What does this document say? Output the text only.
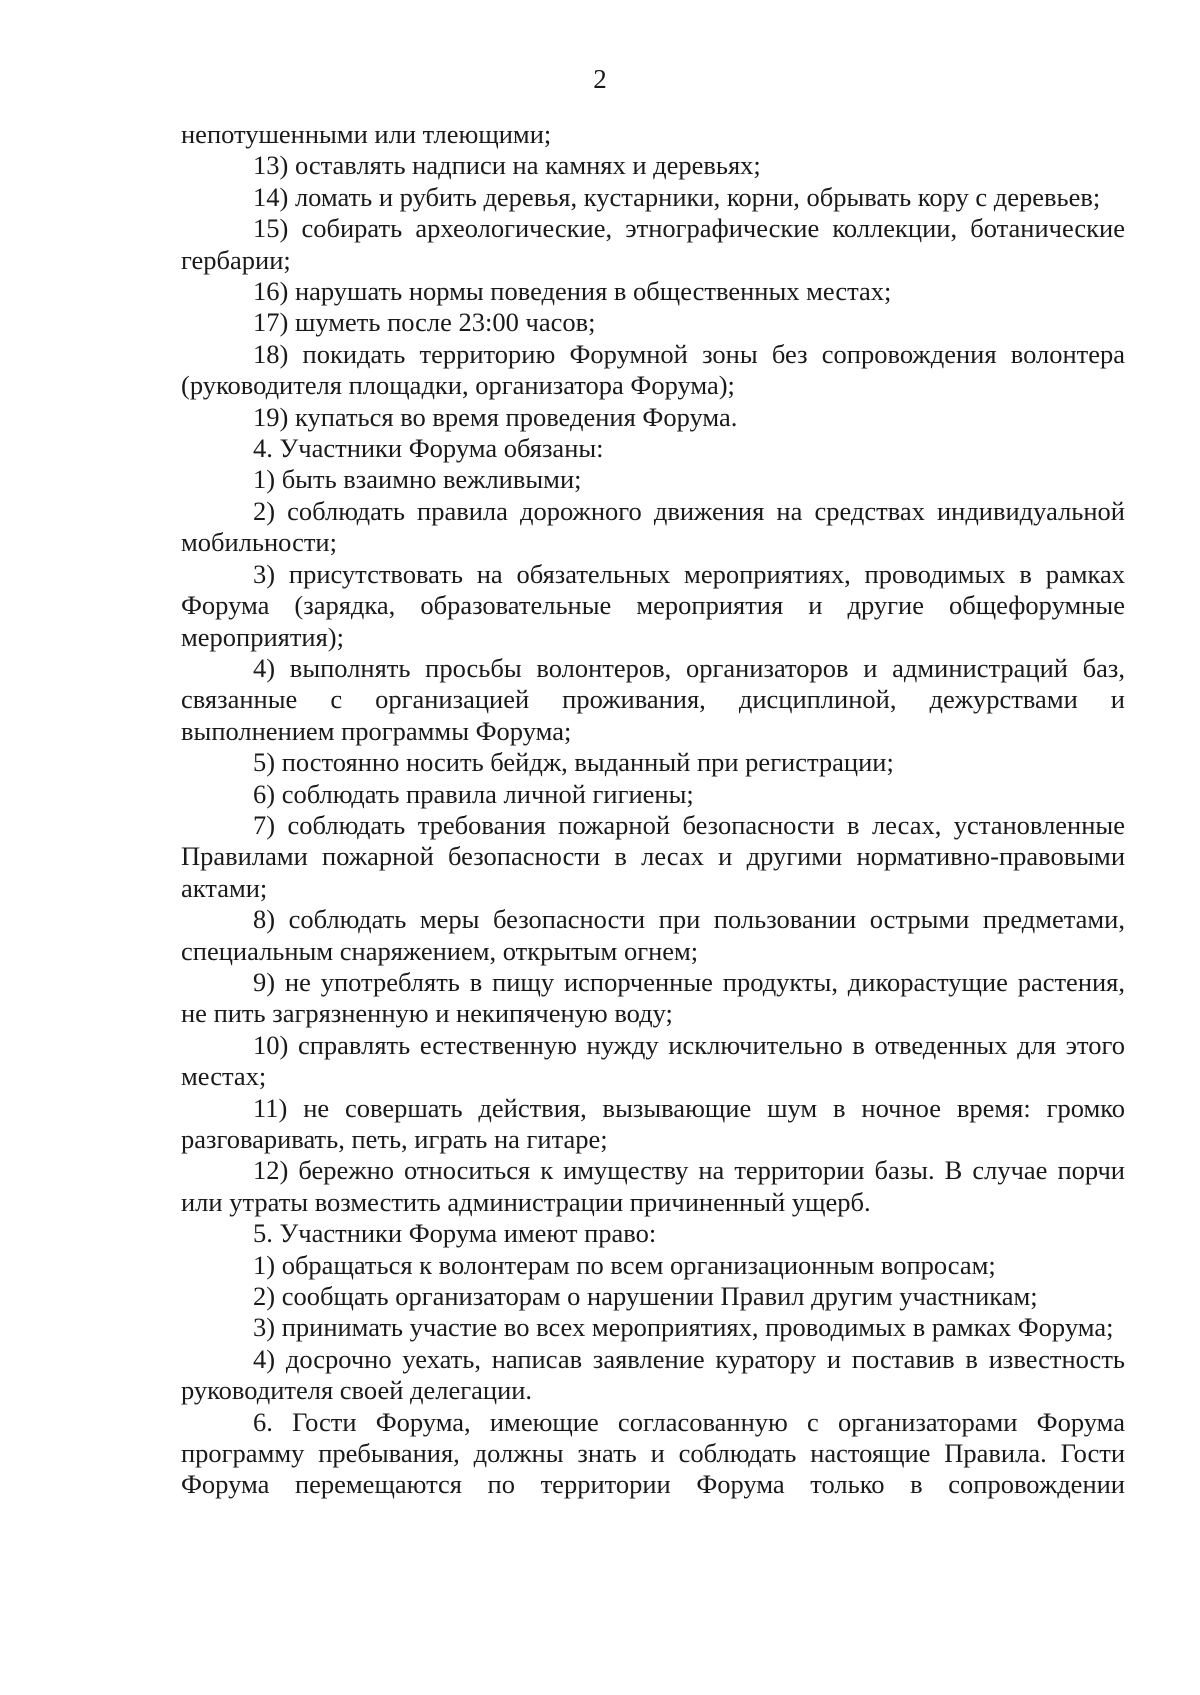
2

непотушенными или тлеющими;

13) оставлять надписи на камнях и деревьях;

14) ломать и рубить деревья, кустарники, корни, обрывать кору с деревьев;

15) собирать археологические, этнографические коллекции, ботанические гербарии;

16) нарушать нормы поведения в общественных местах;

17) шуметь после 23:00 часов;

18) покидать территорию Форумной зоны без сопровождения волонтера (руководителя площадки, организатора Форума);

19) купаться во время проведения Форума.

4. Участники Форума обязаны:

1) быть взаимно вежливыми;

2) соблюдать правила дорожного движения на средствах индивидуальной мобильности;

3) присутствовать на обязательных мероприятиях, проводимых в рамках Форума (зарядка, образовательные мероприятия и другие общефорумные мероприятия);

4) выполнять просьбы волонтеров, организаторов и администраций баз, связанные с организацией проживания, дисциплиной, дежурствами и выполнением программы Форума;

5) постоянно носить бейдж, выданный при регистрации;

6) соблюдать правила личной гигиены;

7) соблюдать требования пожарной безопасности в лесах, установленные Правилами пожарной безопасности в лесах и другими нормативно-правовыми актами;

8) соблюдать меры безопасности при пользовании острыми предметами, специальным снаряжением, открытым огнем;

9) не употреблять в пищу испорченные продукты, дикорастущие растения, не пить загрязненную и некипяченую воду;

10) справлять естественную нужду исключительно в отведенных для этого местах;

11) не совершать действия, вызывающие шум в ночное время: громко разговаривать, петь, играть на гитаре;

12) бережно относиться к имуществу на территории базы. В случае порчи или утраты возместить администрации причиненный ущерб.

5. Участники Форума имеют право:

1) обращаться к волонтерам по всем организационным вопросам;

2) сообщать организаторам о нарушении Правил другим участникам;

3) принимать участие во всех мероприятиях, проводимых в рамках Форума;

4) досрочно уехать, написав заявление куратору и поставив в известность руководителя своей делегации.

6. Гости Форума, имеющие согласованную с организаторами Форума программу пребывания, должны знать и соблюдать настоящие Правила. Гости Форума перемещаются по территории Форума только в сопровождении
